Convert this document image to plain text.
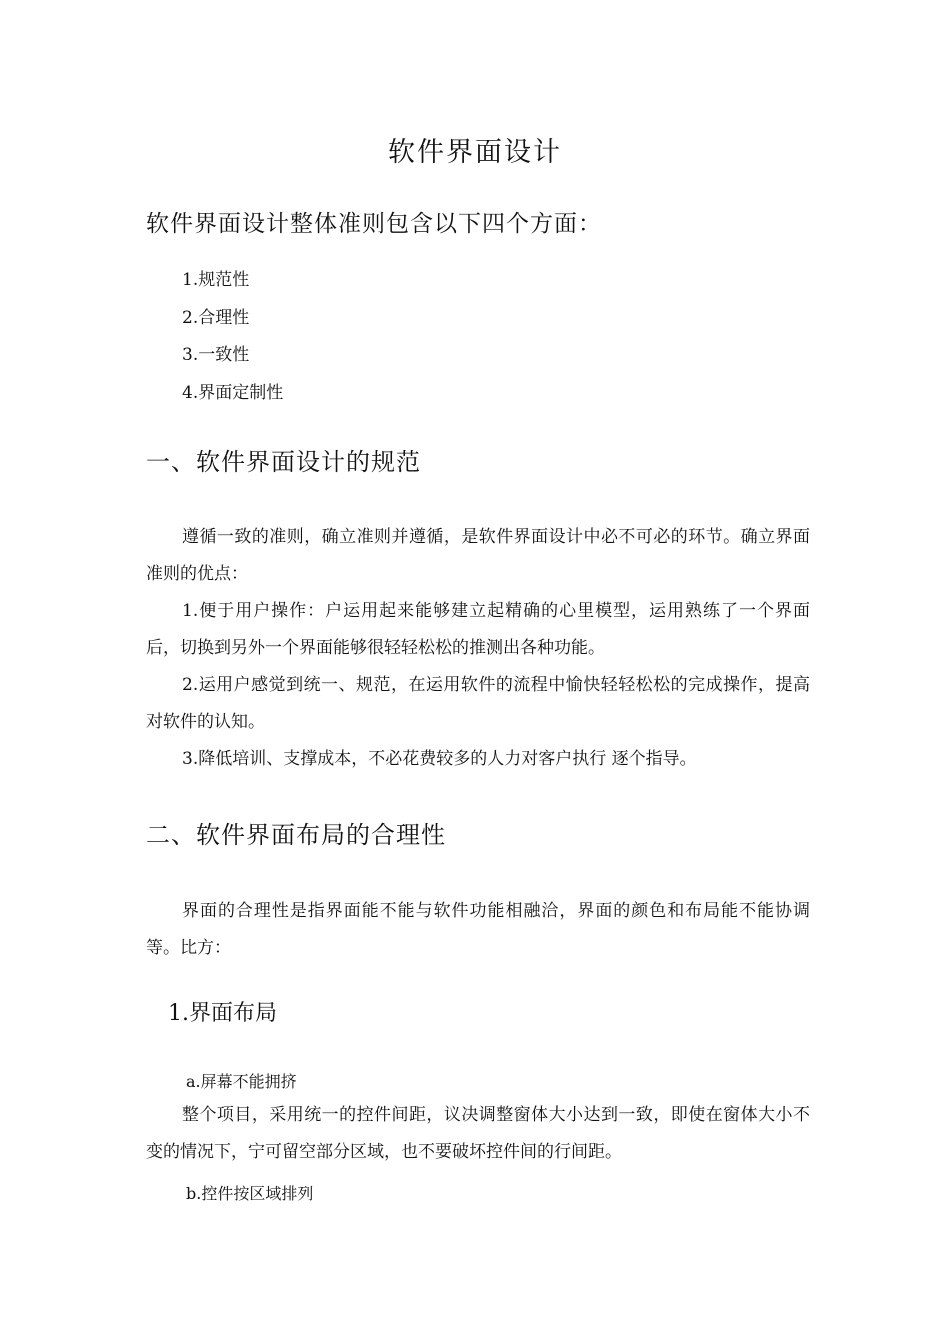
软件界面设计
软件界面设计整体准则包含以下四个方面：
1.规范性
2.合理性
3.一致性
4.界面定制性
一、软件界面设计的规范

遵循一致的准则，确立准则并遵循，是软件界面设计中必不可必的环节。确立界面准则的优点：

1.便于用户操作：户运用起来能够建立起精确的心里模型，运用熟练了一个界面后，切换到另外一个界面能够很轻轻松松的推测出各种功能。

2.运用户感觉到统一、规范，在运用软件的流程中愉快轻轻松松的完成操作，提高对软件的认知。

3.降低培训、支撑成本，不必花费较多的人力对客户执行 逐个指导。

二、软件界面布局的合理性

界面的合理性是指界面能不能与软件功能相融洽，界面的颜色和布局能不能协调等。比方：

1.界面布局
a.屏幕不能拥挤

整个项目，采用统一的控件间距，议决调整窗体大小达到一致，即使在窗体大小不变的情况下，宁可留空部分区域，也不要破坏控件间的行间距。

b.控件按区域排列
